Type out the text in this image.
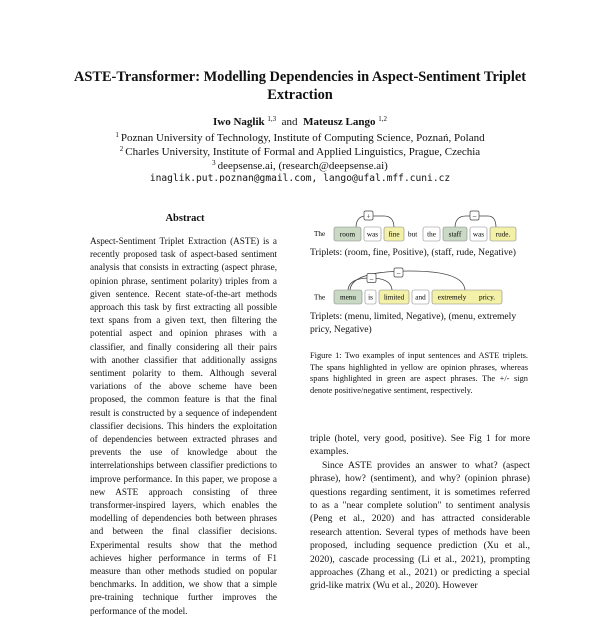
ASTE-Transformer: Modelling Dependencies in Aspect-Sentiment Triplet Extraction
Iwo Naglik $^{1,3}$ and Mateusz Lango $^{1,2}$
$^1$ Poznan University of Technology, Institute of Computing Science, Poznań, Poland
$^2$ Charles University, Institute of Formal and Applied Linguistics, Prague, Czechia
$^3$ deepsense.ai, (research@deepsense.ai)
inaglik.put.poznan@gmail.com, lango@ufal.mff.cuni.cz
Abstract
Aspect-Sentiment Triplet Extraction (ASTE) is a recently proposed task of aspect-based sentiment analysis that consists in extracting (aspect phrase, opinion phrase, sentiment polarity) triples from a given sentence. Recent state-of-the-art methods approach this task by first extracting all possible text spans from a given text, then filtering the potential aspect and opinion phrases with a classifier, and finally considering all their pairs with another classifier that additionally assigns sentiment polarity to them. Although several variations of the above scheme have been proposed, the common feature is that the final result is constructed by a sequence of independent classifier decisions. This hinders the exploitation of dependencies between extracted phrases and prevents the use of knowledge about the interrelationships between classifier predictions to improve performance. In this paper, we propose a new ASTE approach consisting of three transformer-inspired layers, which enables the modelling of dependencies both between phrases and between the final classifier decisions. Experimental results show that the method achieves higher performance in terms of F1 measure than other methods studied on popular benchmarks. In addition, we show that a simple pre-training technique further improves the performance of the model.
+	–
The room was fine but the staff was rude.
Triplets: (room, fine, Positive), (staff, rude, Negative)
–
–
The menu is limited and extremely pricy.
Triplets: (menu, limited, Negative), (menu, extremely pricy, Negative)
Figure 1: Two examples of input sentences and ASTE triplets. The spans highlighted in yellow are opinion phrases, whereas spans highlighted in green are aspect phrases. The +/- sign denote positive/negative sentiment, respectively.

triple (hotel, very good, positive). See Fig 1 for more examples.

Since ASTE provides an answer to what? (aspect phrase), how? (sentiment), and why? (opinion phrase) questions regarding sentiment, it is sometimes referred to as a "near complete solution" to sentiment analysis (Peng et al., 2020) and has attracted considerable research attention. Several types of methods have been proposed, including sequence prediction (Xu et al., 2020), cascade processing (Li et al., 2021), prompting approaches (Zhang et al., 2021) or predicting a special grid-like matrix (Wu et al., 2020). However
